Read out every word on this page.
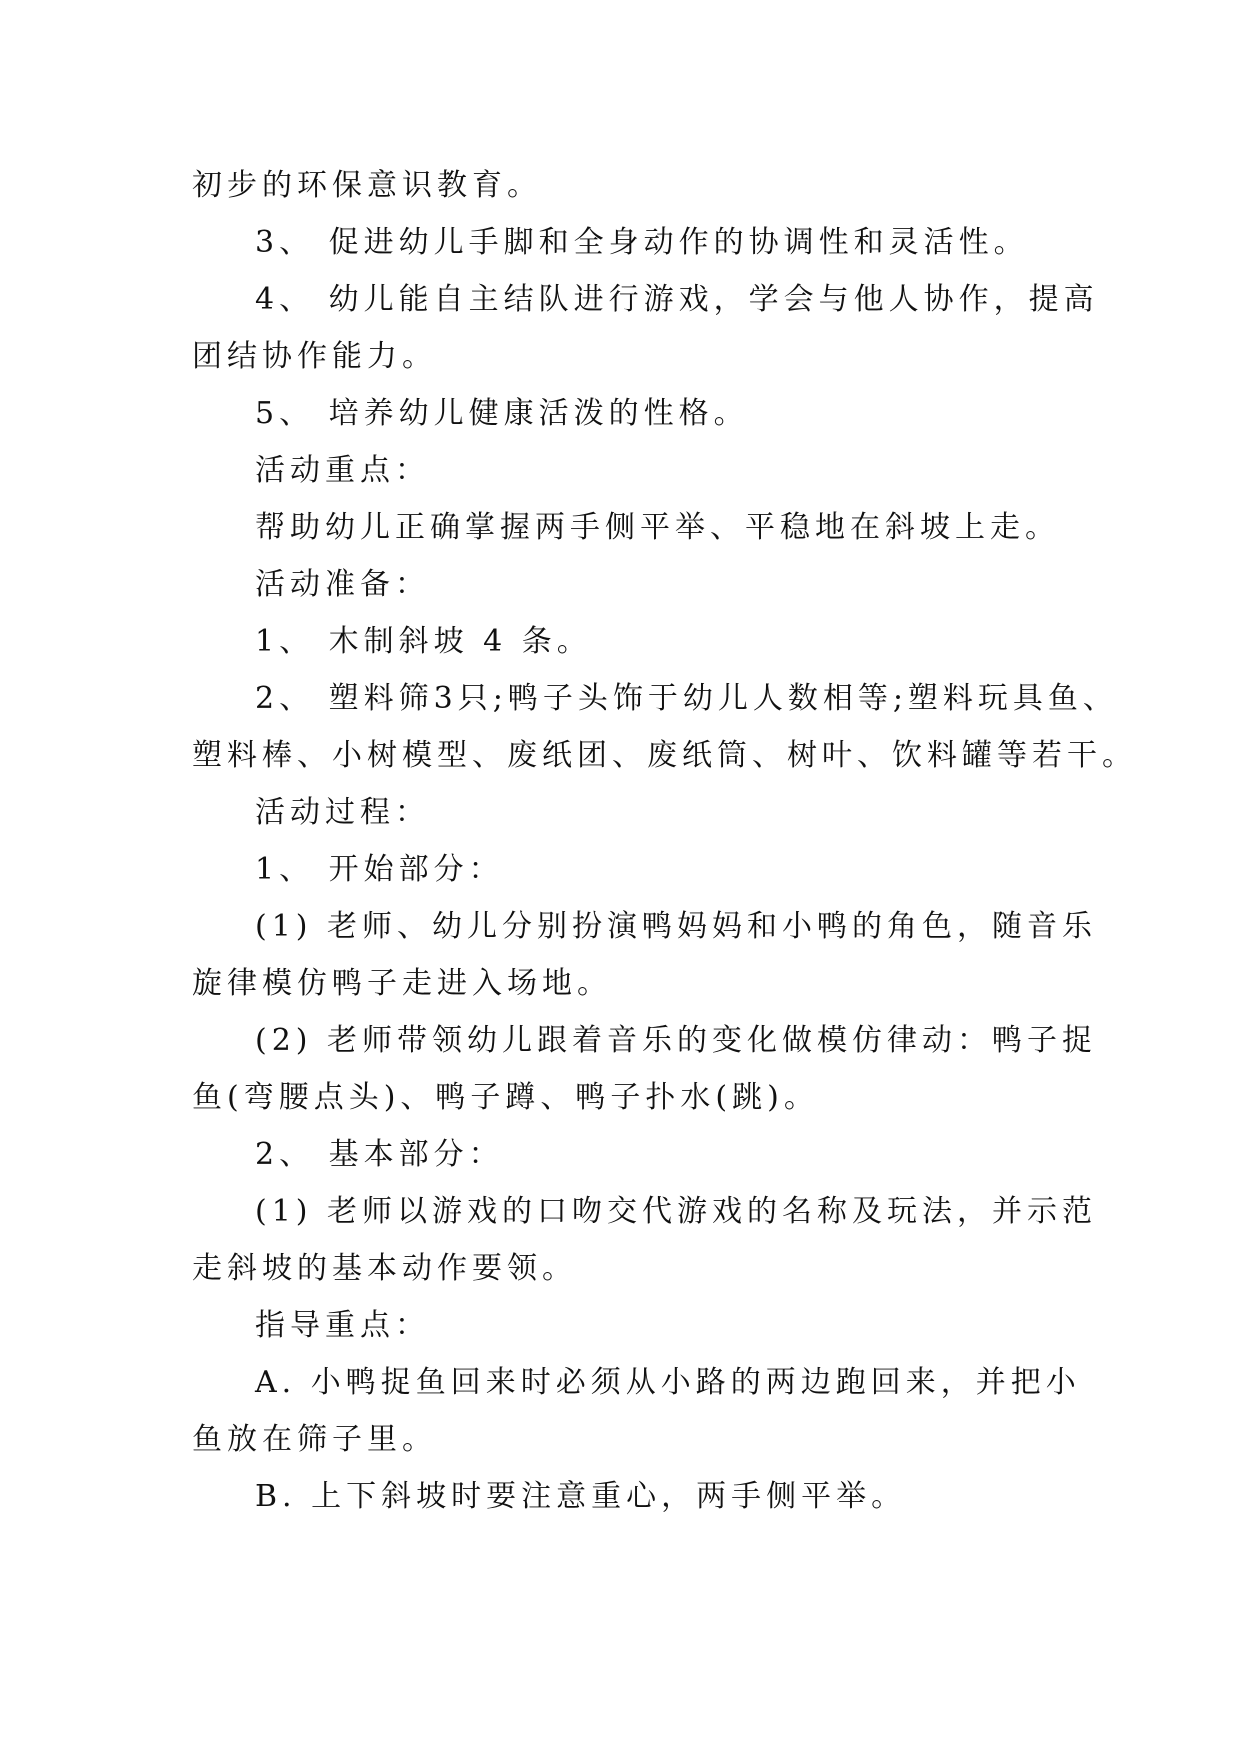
初步的环保意识教育。
3、 促进幼儿手脚和全身动作的协调性和灵活性。
4、 幼儿能自主结队进行游戏，学会与他人协作，提高
团结协作能力。
5、 培养幼儿健康活泼的性格。
活动重点：
帮助幼儿正确掌握两手侧平举、平稳地在斜坡上走。
活动准备：
1、 木制斜坡 4 条。
2、 塑料筛3只;鸭子头饰于幼儿人数相等;塑料玩具鱼、
塑料棒、小树模型、废纸团、废纸筒、树叶、饮料罐等若干。
活动过程：
1、 开始部分：
(1) 老师、幼儿分别扮演鸭妈妈和小鸭的角色，随音乐
旋律模仿鸭子走进入场地。
(2) 老师带领幼儿跟着音乐的变化做模仿律动：鸭子捉
鱼(弯腰点头)、鸭子蹲、鸭子扑水(跳)。
2、 基本部分：
(1) 老师以游戏的口吻交代游戏的名称及玩法，并示范
走斜坡的基本动作要领。
指导重点：
A. 小鸭捉鱼回来时必须从小路的两边跑回来，并把小
鱼放在筛子里。
B. 上下斜坡时要注意重心，两手侧平举。
